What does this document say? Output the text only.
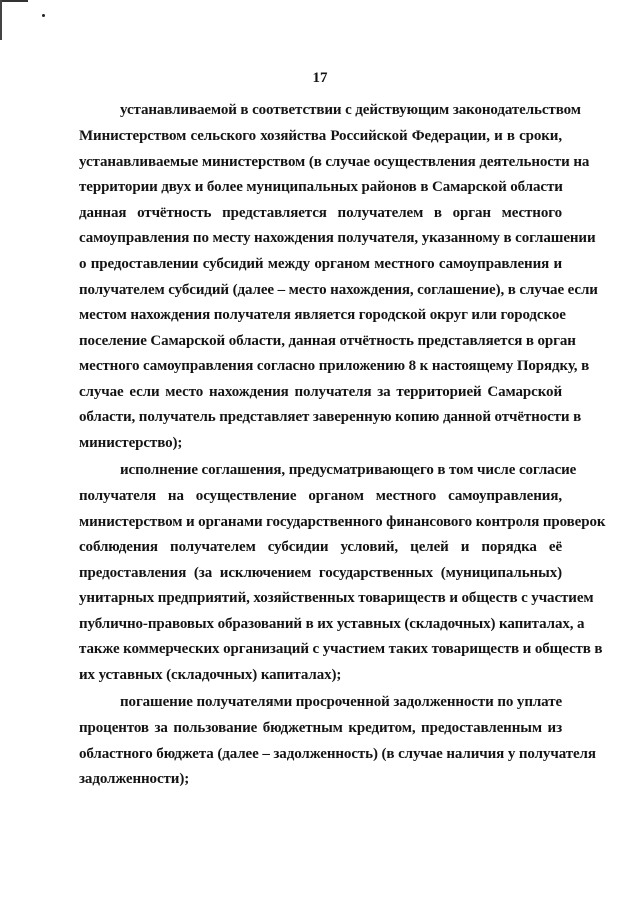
17
устанавливаемой в соответствии с действующим законодательством
Министерством сельского хозяйства Российской Федерации, и в сроки,
устанавливаемые министерством (в случае осуществления деятельности на
территории двух и более муниципальных районов в Самарской области
данная отчётность представляется получателем в орган местного
самоуправления по месту нахождения получателя, указанному в соглашении
о предоставлении субсидий между органом местного самоуправления и
получателем субсидий (далее – место нахождения, соглашение), в случае если
местом нахождения получателя является городской округ или городское
поселение Самарской области, данная отчётность представляется в орган
местного самоуправления согласно приложению 8 к настоящему Порядку, в
случае если место нахождения получателя за территорией Самарской
области, получатель представляет заверенную копию данной отчётности в
министерство);
исполнение соглашения, предусматривающего в том числе согласие
получателя на осуществление органом местного самоуправления,
министерством и органами государственного финансового контроля проверок
соблюдения получателем субсидии условий, целей и порядка её
предоставления (за исключением государственных (муниципальных)
унитарных предприятий, хозяйственных товариществ и обществ с участием
публично-правовых образований в их уставных (складочных) капиталах, а
также коммерческих организаций с участием таких товариществ и обществ в
их уставных (складочных) капиталах);
погашение получателями просроченной задолженности по уплате
процентов за пользование бюджетным кредитом, предоставленным из
областного бюджета (далее – задолженность) (в случае наличия у получателя
задолженности);
